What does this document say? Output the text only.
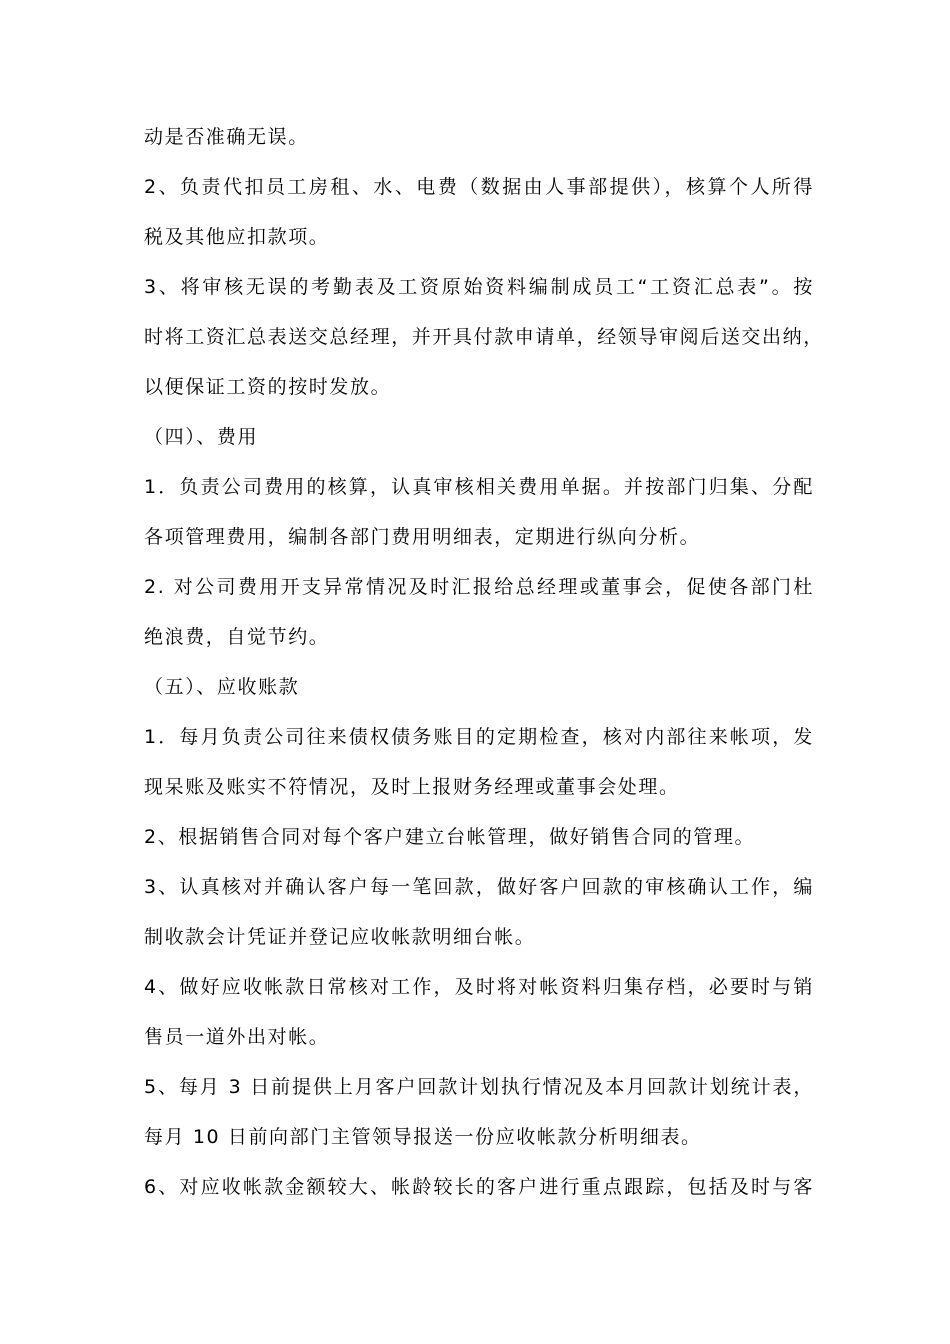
动是否准确无误。
2、负责代扣员工房租、水、电费（数据由人事部提供），核算个人所得
税及其他应扣款项。
3、将审核无误的考勤表及工资原始资料编制成员工“工资汇总表”。按
时将工资汇总表送交总经理，并开具付款申请单，经领导审阅后送交出纳，
以便保证工资的按时发放。
（四）、费用
1．负责公司费用的核算，认真审核相关费用单据。并按部门归集、分配
各项管理费用，编制各部门费用明细表，定期进行纵向分析。
2. 对公司费用开支异常情况及时汇报给总经理或董事会，促使各部门杜
绝浪费，自觉节约。
（五）、应收账款
1．每月负责公司往来债权债务账目的定期检查，核对内部往来帐项，发
现呆账及账实不符情况，及时上报财务经理或董事会处理。
2、根据销售合同对每个客户建立台帐管理，做好销售合同的管理。
3、认真核对并确认客户每一笔回款，做好客户回款的审核确认工作，编
制收款会计凭证并登记应收帐款明细台帐。
4、做好应收帐款日常核对工作，及时将对帐资料归集存档，必要时与销
售员一道外出对帐。
5、每月 3 日前提供上月客户回款计划执行情况及本月回款计划统计表，
每月 10 日前向部门主管领导报送一份应收帐款分析明细表。
6、对应收帐款金额较大、帐龄较长的客户进行重点跟踪，包括及时与客
